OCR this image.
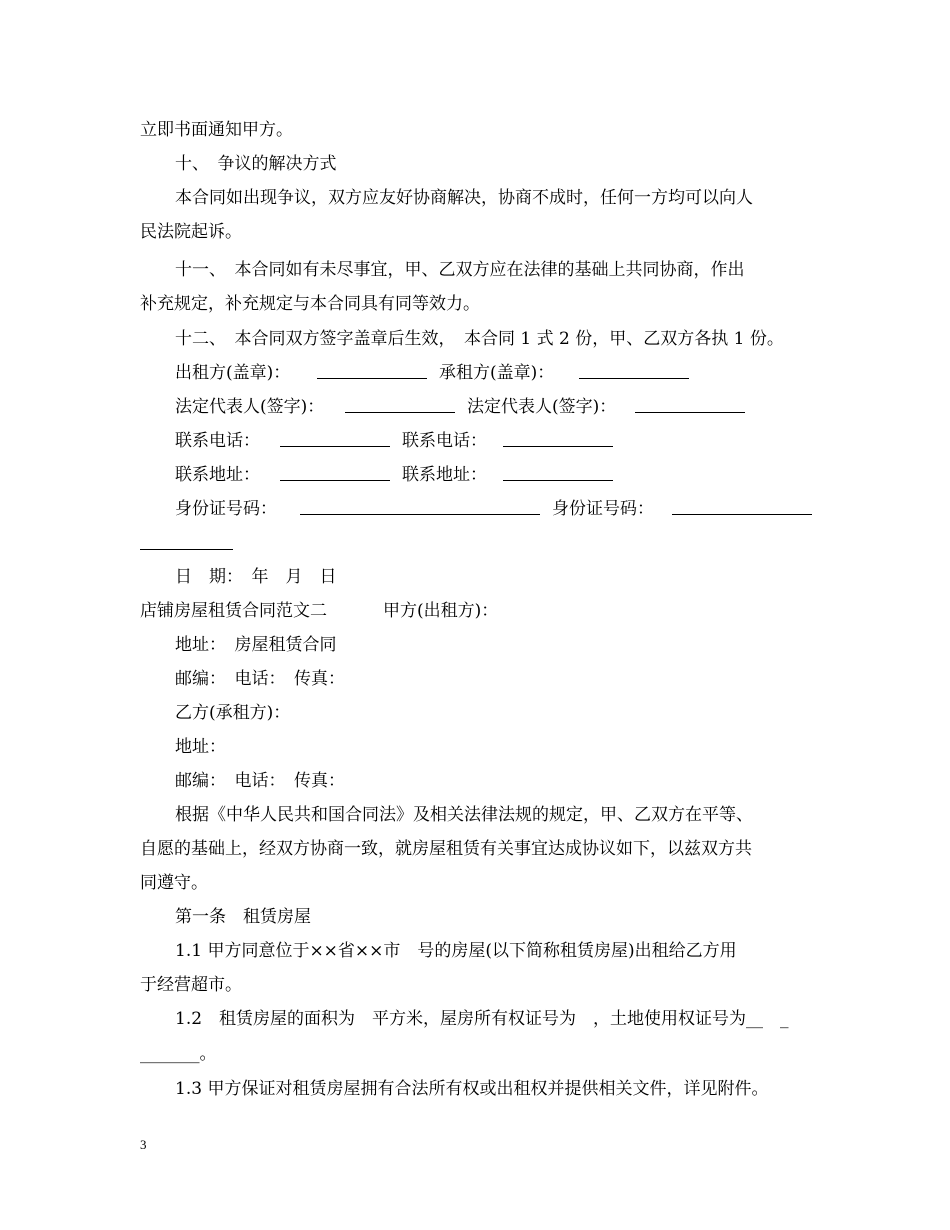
立即书面通知甲方。
十、　争议的解决方式
本合同如出现争议，双方应友好协商解决，协商不成时，任何一方均可以向人
民法院起诉。
十一、　本合同如有未尽事宜，甲、乙双方应在法律的基础上共同协商，作出
补充规定，补充规定与本合同具有同等效力。
十二、　本合同双方签字盖章后生效，　本合同 1 式 2 份，甲、乙双方各执 1 份。
出租方(盖章)：	承租方(盖章)：
法定代表人(签字)：	法定代表人(签字)：
联系电话：	联系电话：
联系地址：	联系地址：
身份证号码：	身份证号码：
日　期：　年　月　日
店铺房屋租赁合同范文二	甲方(出租方)：
地址：　房屋租赁合同
邮编：　电话：　传真：
乙方(承租方)：
地址：
邮编：　电话：　传真：
根据《中华人民共和国合同法》及相关法律法规的规定，甲、乙双方在平等、
自愿的基础上，经双方协商一致，就房屋租赁有关事宜达成协议如下，以兹双方共
同遵守。
第一条　租赁房屋
1.1 甲方同意位于××省××市　号的房屋(以下简称租赁房屋)出租给乙方用
于经营超市。
1.2　租赁房屋的面积为　平方米，屋房所有权证号为　，土地使用权证号为__　_
_______。
1.3 甲方保证对租赁房屋拥有合法所有权或出租权并提供相关文件，详见附件。
3
